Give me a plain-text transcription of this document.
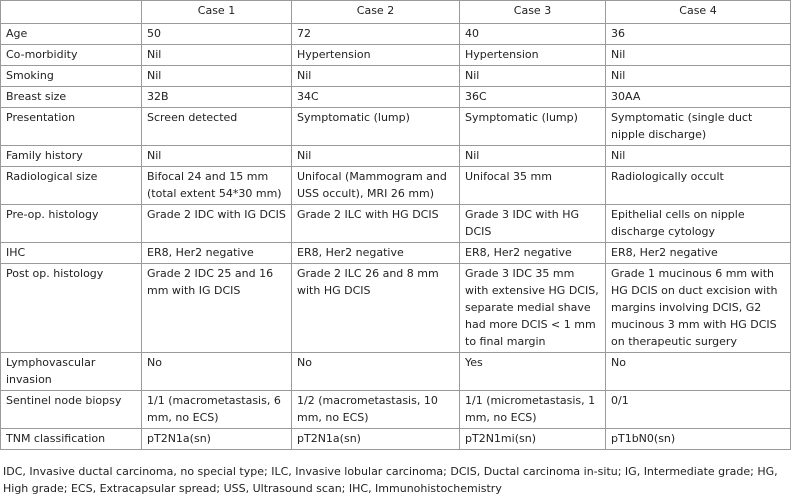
	Case 1	Case 2	Case 3	Case 4
Age	50	72	40	36
Co-morbidity	Nil	Hypertension	Hypertension	Nil
Smoking	Nil	Nil	Nil	Nil
Breast size	32B	34C	36C	30AA
Presentation	Screen detected	Symptomatic (lump)	Symptomatic (lump)	Symptomatic (single duct nipple discharge)
Family history	Nil	Nil	Nil	Nil
Radiological size	Bifocal 24 and 15 mm (total extent 54*30 mm)	Unifocal (Mammogram and USS occult), MRI 26 mm)	Unifocal 35 mm	Radiologically occult
Pre-op. histology	Grade 2 IDC with IG DCIS	Grade 2 ILC with HG DCIS	Grade 3 IDC with HG DCIS	Epithelial cells on nipple discharge cytology
IHC	ER8, Her2 negative	ER8, Her2 negative	ER8, Her2 negative	ER8, Her2 negative
Post op. histology	Grade 2 IDC 25 and 16 mm with IG DCIS	Grade 2 ILC 26 and 8 mm with HG DCIS	Grade 3 IDC 35 mm with extensive HG DCIS, separate medial shave had more DCIS < 1 mm to final margin	Grade 1 mucinous 6 mm with HG DCIS on duct excision with margins involving DCIS, G2 mucinous 3 mm with HG DCIS on therapeutic surgery
Lymphovascular invasion	No	No	Yes	No
Sentinel node biopsy	1/1 (macrometastasis, 6 mm, no ECS)	1/2 (macrometastasis, 10 mm, no ECS)	1/1 (micrometastasis, 1 mm, no ECS)	0/1
TNM classification	pT2N1a(sn)	pT2N1a(sn)	pT2N1mi(sn)	pT1bN0(sn)
IDC, Invasive ductal carcinoma, no special type; ILC, Invasive lobular carcinoma; DCIS, Ductal carcinoma in-situ; IG, Intermediate grade; HG, High grade; ECS, Extracapsular spread; USS, Ultrasound scan; IHC, Immunohistochemistry
